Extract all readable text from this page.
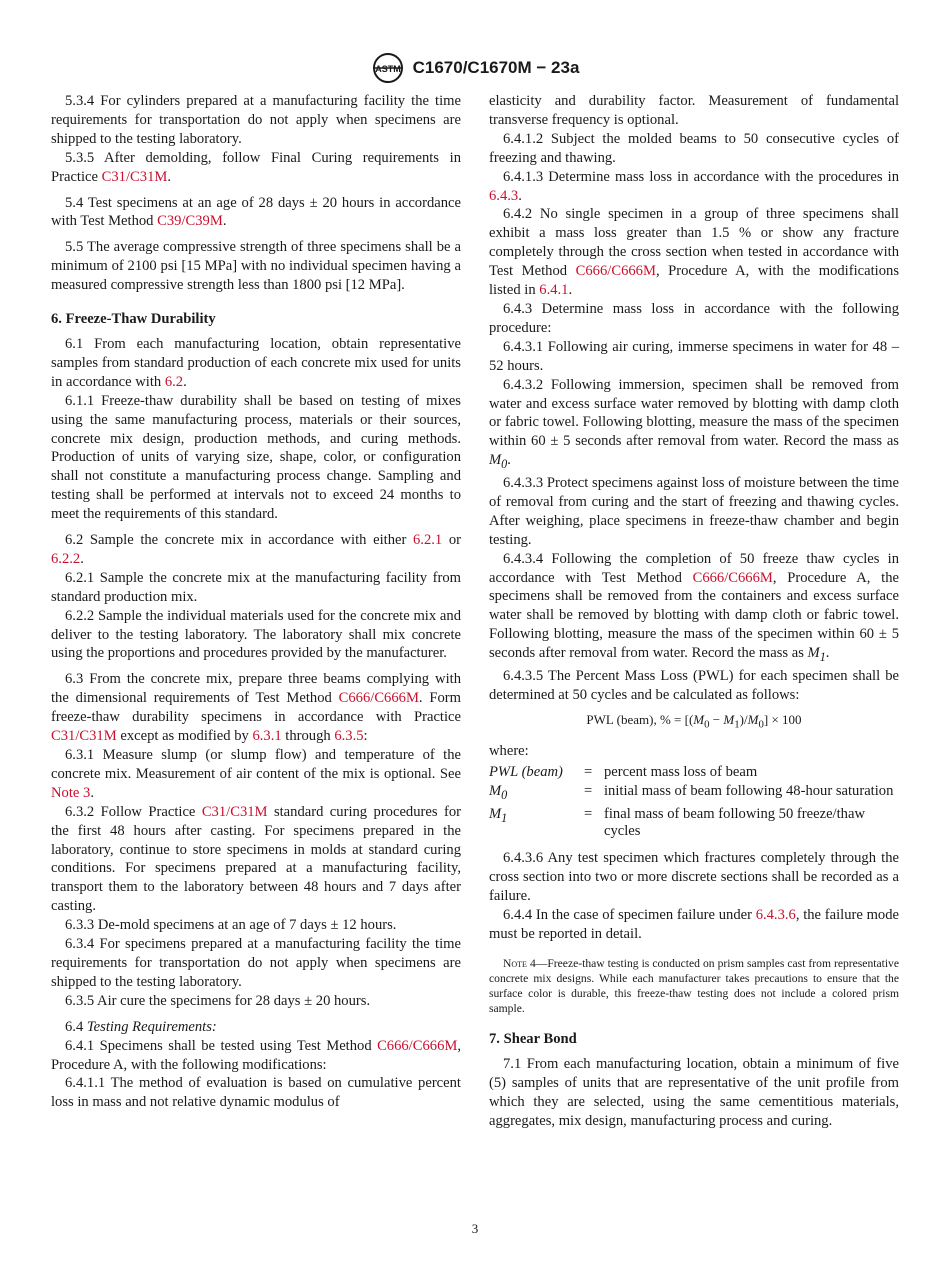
ASTM C1670/C1670M − 23a

5.3.4 For cylinders prepared at a manufacturing facility the time requirements for transportation do not apply when specimens are shipped to the testing laboratory.

5.3.5 After demolding, follow Final Curing requirements in Practice C31/C31M.

5.4 Test specimens at an age of 28 days ± 20 hours in accordance with Test Method C39/C39M.

5.5 The average compressive strength of three specimens shall be a minimum of 2100 psi [15 MPa] with no individual specimen having a measured compressive strength less than 1800 psi [12 MPa].

6. Freeze-Thaw Durability

6.1 From each manufacturing location, obtain representative samples from standard production of each concrete mix used for units in accordance with 6.2.

6.1.1 Freeze-thaw durability shall be based on testing of mixes using the same manufacturing process, materials or their sources, concrete mix design, production methods, and curing methods. Production of units of varying size, shape, color, or configuration shall not constitute a manufacturing process change. Sampling and testing shall be performed at intervals not to exceed 24 months to meet the requirements of this standard.

6.2 Sample the concrete mix in accordance with either 6.2.1 or 6.2.2.

6.2.1 Sample the concrete mix at the manufacturing facility from standard production mix.

6.2.2 Sample the individual materials used for the concrete mix and deliver to the testing laboratory. The laboratory shall mix concrete using the proportions and procedures provided by the manufacturer.

6.3 From the concrete mix, prepare three beams complying with the dimensional requirements of Test Method C666/C666M. Form freeze-thaw durability specimens in accordance with Practice C31/C31M except as modified by 6.3.1 through 6.3.5:

6.3.1 Measure slump (or slump flow) and temperature of the concrete mix. Measurement of air content of the mix is optional. See Note 3.

6.3.2 Follow Practice C31/C31M standard curing procedures for the first 48 hours after casting. For specimens prepared in the laboratory, continue to store specimens in molds at standard curing conditions. For specimens prepared at a manufacturing facility, transport them to the laboratory between 48 hours and 7 days after casting.

6.3.3 De-mold specimens at an age of 7 days ± 12 hours.

6.3.4 For specimens prepared at a manufacturing facility the time requirements for transportation do not apply when specimens are shipped to the testing laboratory.

6.3.5 Air cure the specimens for 28 days ± 20 hours.

6.4 Testing Requirements:

6.4.1 Specimens shall be tested using Test Method C666/C666M, Procedure A, with the following modifications:

6.4.1.1 The method of evaluation is based on cumulative percent loss in mass and not relative dynamic modulus of

elasticity and durability factor. Measurement of fundamental transverse frequency is optional.

6.4.1.2 Subject the molded beams to 50 consecutive cycles of freezing and thawing.

6.4.1.3 Determine mass loss in accordance with the procedures in 6.4.3.

6.4.2 No single specimen in a group of three specimens shall exhibit a mass loss greater than 1.5 % or show any fracture completely through the cross section when tested in accordance with Test Method C666/C666M, Procedure A, with the modifications listed in 6.4.1.

6.4.3 Determine mass loss in accordance with the following procedure:

6.4.3.1 Following air curing, immerse specimens in water for 48 – 52 hours.

6.4.3.2 Following immersion, specimen shall be removed from water and excess surface water removed by blotting with damp cloth or fabric towel. Following blotting, measure the mass of the specimen within 60 ± 5 seconds after removal from water. Record the mass as $M_0$.

6.4.3.3 Protect specimens against loss of moisture between the time of removal from curing and the start of freezing and thawing cycles. After weighing, place specimens in freeze-thaw chamber and begin testing.

6.4.3.4 Following the completion of 50 freeze thaw cycles in accordance with Test Method C666/C666M, Procedure A, the specimens shall be removed from the containers and excess surface water shall be removed by blotting with damp cloth or fabric towel. Following blotting, measure the mass of the specimen within 60 ± 5 seconds after removal from water. Record the mass as $M_1$.

6.4.3.5 The Percent Mass Loss (PWL) for each specimen shall be determined at 50 cycles and be calculated as follows:

PWL (beam), % = $[(M_0 - M_1)/M_0] \times 100$
where:
PWL (beam)	=	percent mass loss of beam
$M_0$	=	initial mass of beam following 48-hour saturation
$M_1$	=	final mass of beam following 50 freeze/thaw cycles

6.4.3.6 Any test specimen which fractures completely through the cross section into two or more discrete sections shall be recorded as a failure.

6.4.4 In the case of specimen failure under 6.4.3.6, the failure mode must be reported in detail.

Note 4—Freeze-thaw testing is conducted on prism samples cast from representative concrete mix designs. While each manufacturer takes precautions to ensure that the surface color is durable, this freeze-thaw testing does not include a colored prism sample.

7. Shear Bond

7.1 From each manufacturing location, obtain a minimum of five (5) samples of units that are representative of the unit profile from which they are selected, using the same cementitious materials, aggregates, mix design, manufacturing process and curing.

3
